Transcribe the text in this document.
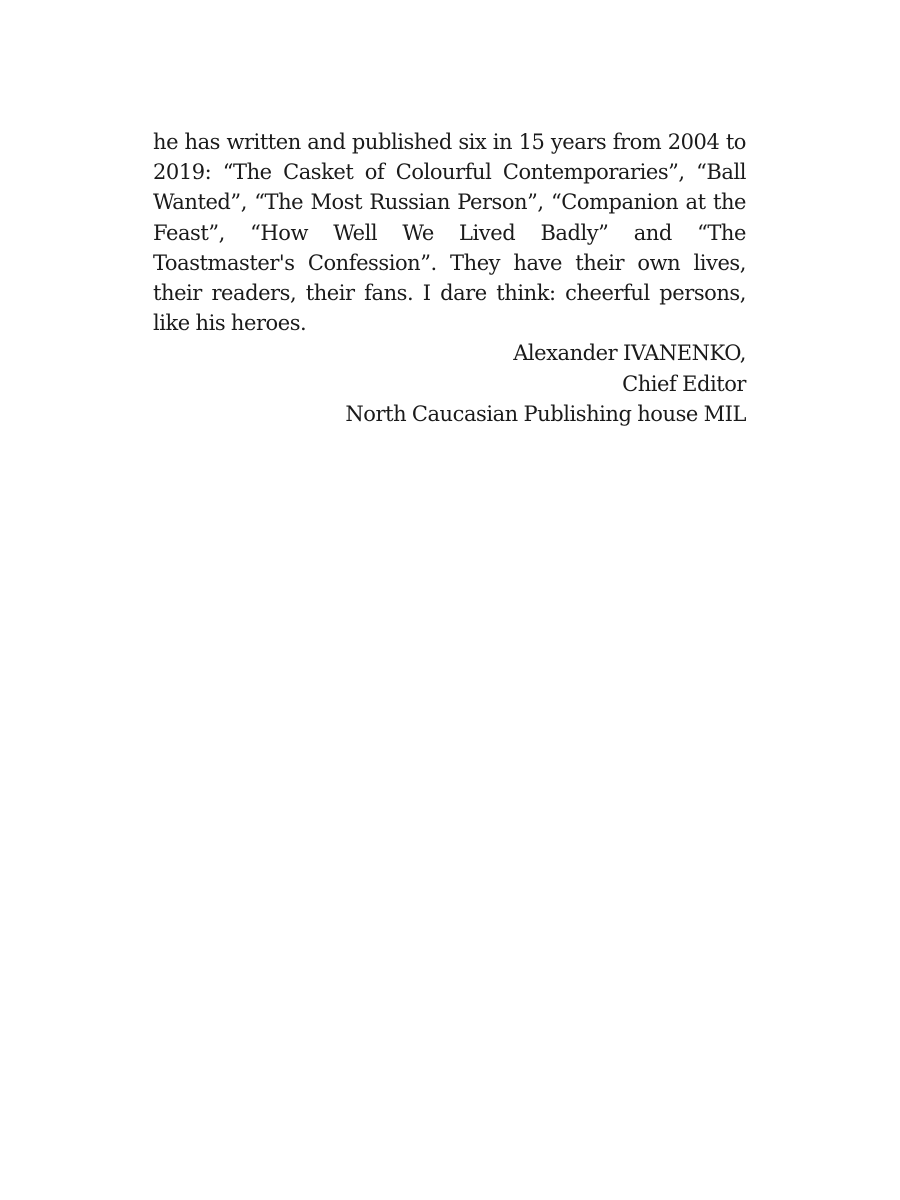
he has written and published six in 15 years from 2004 to 2019: “The Casket of Colourful Contemporaries”, “Ball Wanted”, “The Most Russian Person”, “Companion at the Feast”, “How Well We Lived Badly” and “The Toastmaster's Confession”. They have their own lives, their readers, their fans. I dare think: cheerful persons, like his heroes.

Alexander IVANENKO,
Chief Editor
North Caucasian Publishing house MIL
